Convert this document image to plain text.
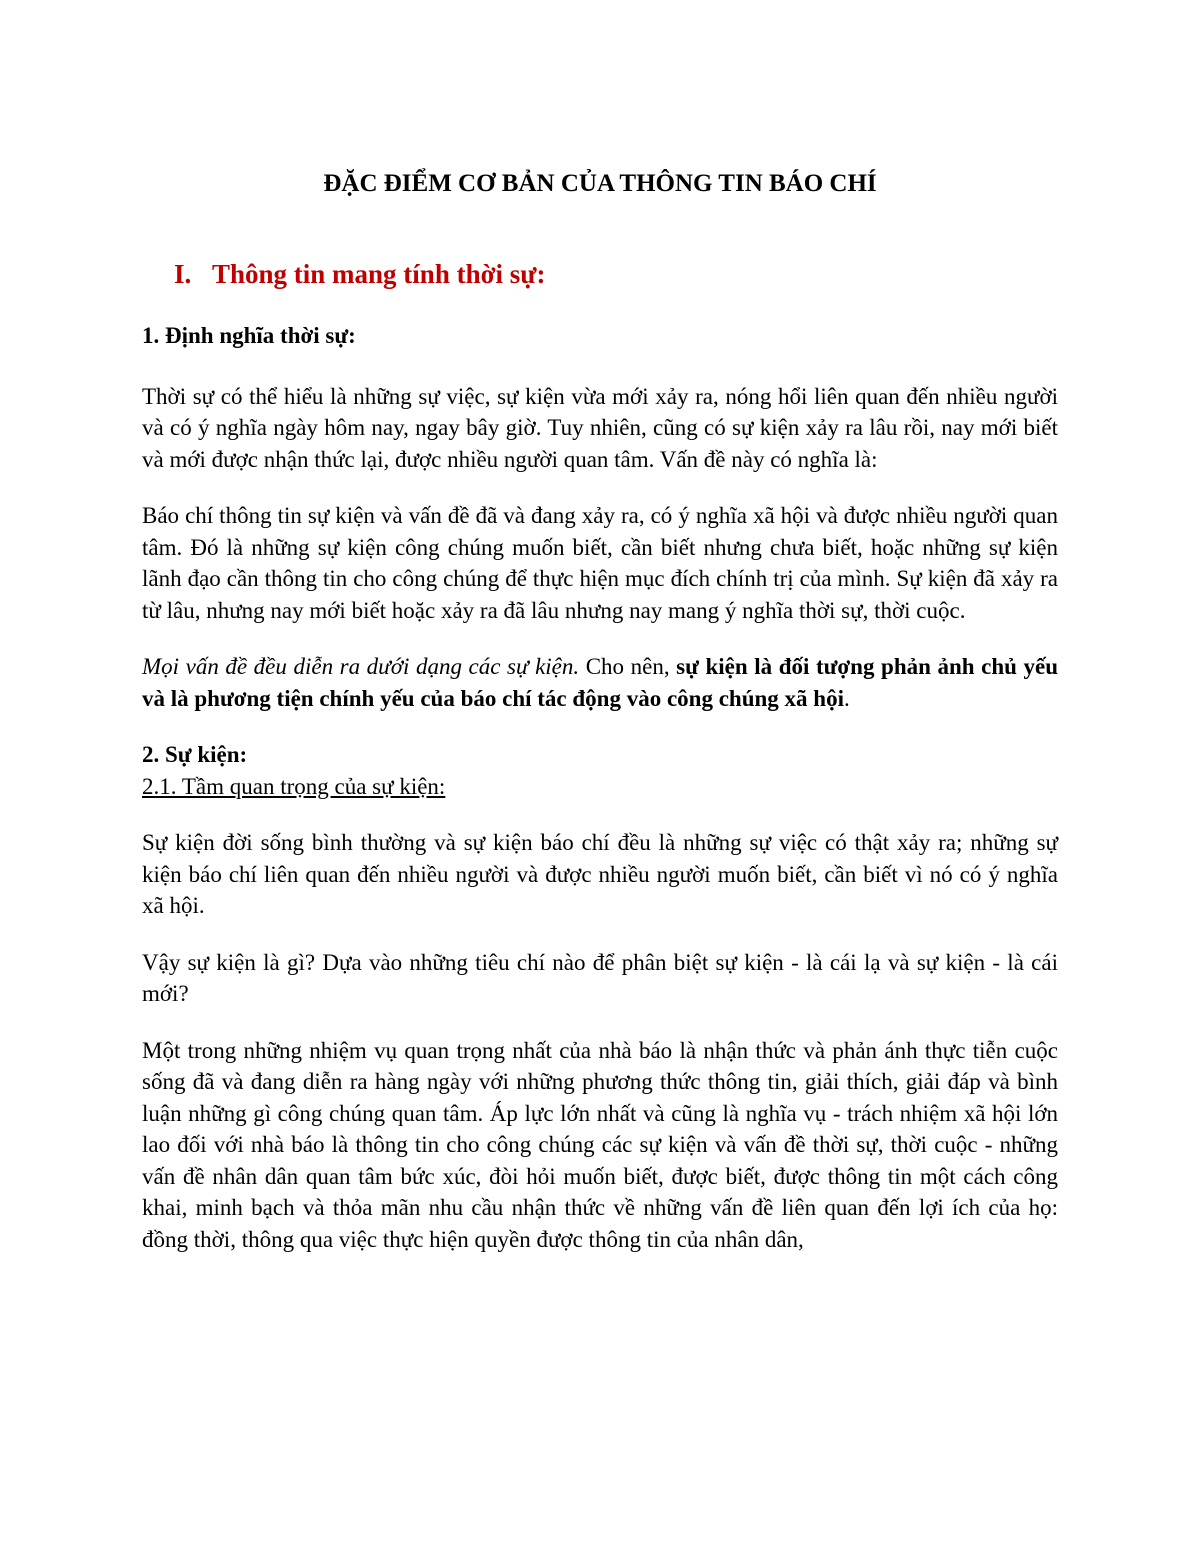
ĐẶC ĐIỂM CƠ BẢN CỦA THÔNG TIN BÁO CHÍ
I. Thông tin mang tính thời sự:
1. Định nghĩa thời sự:

Thời sự có thể hiểu là những sự việc, sự kiện vừa mới xảy ra, nóng hổi liên quan đến nhiều người và có ý nghĩa ngày hôm nay, ngay bây giờ. Tuy nhiên, cũng có sự kiện xảy ra lâu rồi, nay mới biết và mới được nhận thức lại, được nhiều người quan tâm. Vấn đề này có nghĩa là:

Báo chí thông tin sự kiện và vấn đề đã và đang xảy ra, có ý nghĩa xã hội và được nhiều người quan tâm. Đó là những sự kiện công chúng muốn biết, cần biết nhưng chưa biết, hoặc những sự kiện lãnh đạo cần thông tin cho công chúng để thực hiện mục đích chính trị của mình. Sự kiện đã xảy ra từ lâu, nhưng nay mới biết hoặc xảy ra đã lâu nhưng nay mang ý nghĩa thời sự, thời cuộc.

Mọi vấn đề đều diễn ra dưới dạng các sự kiện. Cho nên, sự kiện là đối tượng phản ảnh chủ yếu và là phương tiện chính yếu của báo chí tác động vào công chúng xã hội.

2. Sự kiện:
2.1. Tầm quan trọng của sự kiện:

Sự kiện đời sống bình thường và sự kiện báo chí đều là những sự việc có thật xảy ra; những sự kiện báo chí liên quan đến nhiều người và được nhiều người muốn biết, cần biết vì nó có ý nghĩa xã hội.

Vậy sự kiện là gì? Dựa vào những tiêu chí nào để phân biệt sự kiện - là cái lạ và sự kiện - là cái mới?

Một trong những nhiệm vụ quan trọng nhất của nhà báo là nhận thức và phản ánh thực tiễn cuộc sống đã và đang diễn ra hàng ngày với những phương thức thông tin, giải thích, giải đáp và bình luận những gì công chúng quan tâm. Áp lực lớn nhất và cũng là nghĩa vụ - trách nhiệm xã hội lớn lao đối với nhà báo là thông tin cho công chúng các sự kiện và vấn đề thời sự, thời cuộc - những vấn đề nhân dân quan tâm bức xúc, đòi hỏi muốn biết, được biết, được thông tin một cách công khai, minh bạch và thỏa mãn nhu cầu nhận thức về những vấn đề liên quan đến lợi ích của họ: đồng thời, thông qua việc thực hiện quyền được thông tin của nhân dân,
